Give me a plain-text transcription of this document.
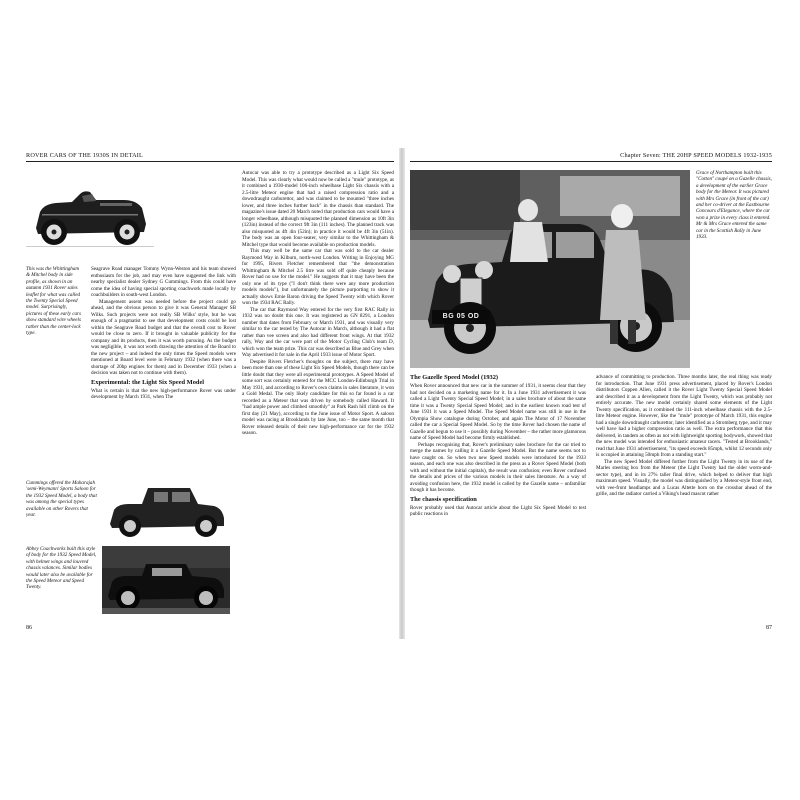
ROVER CARS OF THE 1930S IN DETAIL
This was the Whittingham & Mitchel body in side profile, as shown in an autumn 1931 Rover sales leaflet for what was called the Twenty Special Speed model. Surprisingly, pictures of these early cars show standard wire wheels rather than the center-lock type.

Seagrave Road manager Tommy Wynn-Weston and his team showed enthusiasm for the job, and may even have suggested the link with nearby specialist dealer Sydney G Cummings. From this could have come the idea of having special sporting coachwork made locally by coachbuilders in south-west London.

Management assent was needed before the project could go ahead, and the obvious person to give it was General Manager SB Wilks. Such projects were not really SB Wilks' style, but he was enough of a pragmatist to see that development costs could be lost within the Seagrave Road budget and that the overall cost to Rover would be close to zero. If it brought in valuable publicity for the company and its products, then it was worth pursuing. As the budget was negligible, it was not worth drawing the attention of the Board to the new project – and indeed the only times the Speed models were mentioned at Board level were in February 1932 (when there was a shortage of 20hp engines for them) and in December 1933 (when a decision was taken not to continue with them).

Experimental: the Light Six Speed Model

What is certain is that the new high-performance Rover was under development by March 1931, when The

Cummings offered the Maharajah 'semi-Weymann' Sports Saloon for the 1932 Speed Model, a body that was among the special types available on other Rovers that year.
Abbey Coachworks built this style of body for the 1932 Speed Model, with helmet wings and louvred chassis valances. Similar bodies would later also be available for the Speed Meteor and Speed Twenty.

Autocar was able to try a prototype described as a Light Six Speed Model. This was clearly what would now be called a "mule" prototype, as it combined a 1930-model 106-inch wheelbase Light Six chassis with a 2.5-litre Meteor engine that had a raised compression ratio and a downdraught carburettor, and was claimed to be mounted "three inches lower, and three inches further back" in the chassis than standard. The magazine's issue dated 20 March noted that production cars would have a longer wheelbase, although misquoted the planned dimension as 10ft 3in (123in) instead of the correct 9ft 3in (111 inches). The planned track was also misquoted as 4ft 4in (52in); in practice it would be 4ft 3in (51in). The body was an open four-seater, very similar to the Whittingham & Mitchel type that would become available on production models.

This may well be the same car that was sold to the car dealer Raymond Way in Kilburn, north-west London. Writing in Enjoying MG for 1995, Rivers Fletcher remembered that "the demonstration Whittingham & Mitchel 2.5 litre was sold off quite cheaply because Rover had no use for the model." He suggests that it may have been the only one of its type ("I don't think there were any more production models models"), but unfortunately the picture purporting to show it actually shows Ernie Baron driving the Speed Twenty with which Rover won the 1934 RAC Rally.

The car that Raymond Way entered for the very first RAC Rally in 1932 was no doubt this one. It was registered as GN 8291, a London number that dates from February or March 1931, and was visually very similar to the car tested by The Autocar in March, although it had a flat rather than vee screen and also had different front wings. At that 1932 rally, Way and the car were part of the Motor Cycling Club's team D, which won the team prize. This car was described as Blue and Grey when Way advertised it for sale in the April 1933 issue of Motor Sport.

Despite Rivers Fletcher's thoughts on the subject, there may have been more than one of these Light Six Speed Models, though there can be little doubt that they were all experimental prototypes. A Speed Model of some sort was certainly entered for the MCC London-Edinburgh Trial in May 1931, and according to Rover's own claims in sales literature, it won a Gold Medal. The only likely candidate for this so far found is a car recorded as a Meteor that was driven by somebody called Haward. It "had ample power and climbed smoothly" at Park Rash hill climb on the first day (21 May), according to the June issue of Motor Sport. A saloon model was racing at Brooklands by late June, too – the same month that Rover released details of their new high-performance car for the 1932 season.

86
Chapter Seven: THE 20HP SPEED MODELS 1932-1935
BG 05 OD
Grace of Northampton built this "Cotton" coupé on a Gazelle chassis, a development of the earlier Grace body for the Meteor. It was pictured with Mrs Grace (in front of the car) and her co-driver at the Eastbourne Concours d'Elegance, where the car won a prize in every class it entered. Mr & Mrs Grace entered the same car in the Scottish Rally in June 1933.
The Gazelle Speed Model (1932)

When Rover announced that new car in the summer of 1931, it seems clear that they had not decided on a marketing name for it. In a June 1931 advertisement it was called a Light Twenty Special Speed Model; in a sales brochure of about the same time it was a Twenty Special Speed Model; and in the earliest known road test of June 1931 it was a Speed Model. The Speed Model name was still in use in the Olympia Show catalogue during October, and again The Motor of 17 November called the car a Special Speed Model. So by the time Rover had chosen the name of Gazelle and begun to use it – possibly during November – the rather more glamorous name of Speed Model had become firmly established.

Perhaps recognising that, Rover's preliminary sales brochure for the car tried to merge the names by calling it a Gazelle Speed Model. But the name seems not to have caught on. So when two new Speed models were introduced for the 1933 season, and each one was also described in the press as a Rover Speed Model (both with and without the initial capitals), the result was confusion; even Rover confused the details and prices of the various models in their sales literature. As a way of avoiding confusion here, the 1932 model is called by the Gazelle name – unfamiliar though it has become.

The chassis specification

Rover probably used that Autocar article about the Light Six Speed Model to test public reactions in

advance of committing to production. Three months later, the real thing was ready for introduction. That June 1931 press advertisement, placed by Rover's London distributors Coppen Allen, called it the Rover Light Twenty Special Speed Model and described it as a development from the Light Twenty, which was probably not entirely accurate. The new model certainly shared some elements of the Light Twenty specification, as it combined the 111-inch wheelbase chassis with the 2.5-litre Meteor engine. However, like the "mule" prototype of March 1931, this engine had a single downdraught carburettor, later identified as a Stromberg type, and it may well have had a higher compression ratio as well. The extra performance that this delivered, in tandem as often as not with lightweight sporting bodywork, showed that the new model was intended for enthusiastic amateur racers. "Tested at Brooklands," read that June 1931 advertisement, "its speed exceeds 85mph, whilst 12 seconds only is occupied in attaining 50mph from a standing start."

The new Speed Model differed further from the Light Twenty in its use of the Marles steering box from the Meteor (the Light Twenty had the older worm-and-sector type), and in its 27% taller final drive, which helped to deliver that high maximum speed. Visually, the model was distinguished by a Meteor-style front end, with vee-front headlamps and a Lucas Altette horn on the crossbar ahead of the grille, and the radiator carried a Viking's head mascot rather

87
